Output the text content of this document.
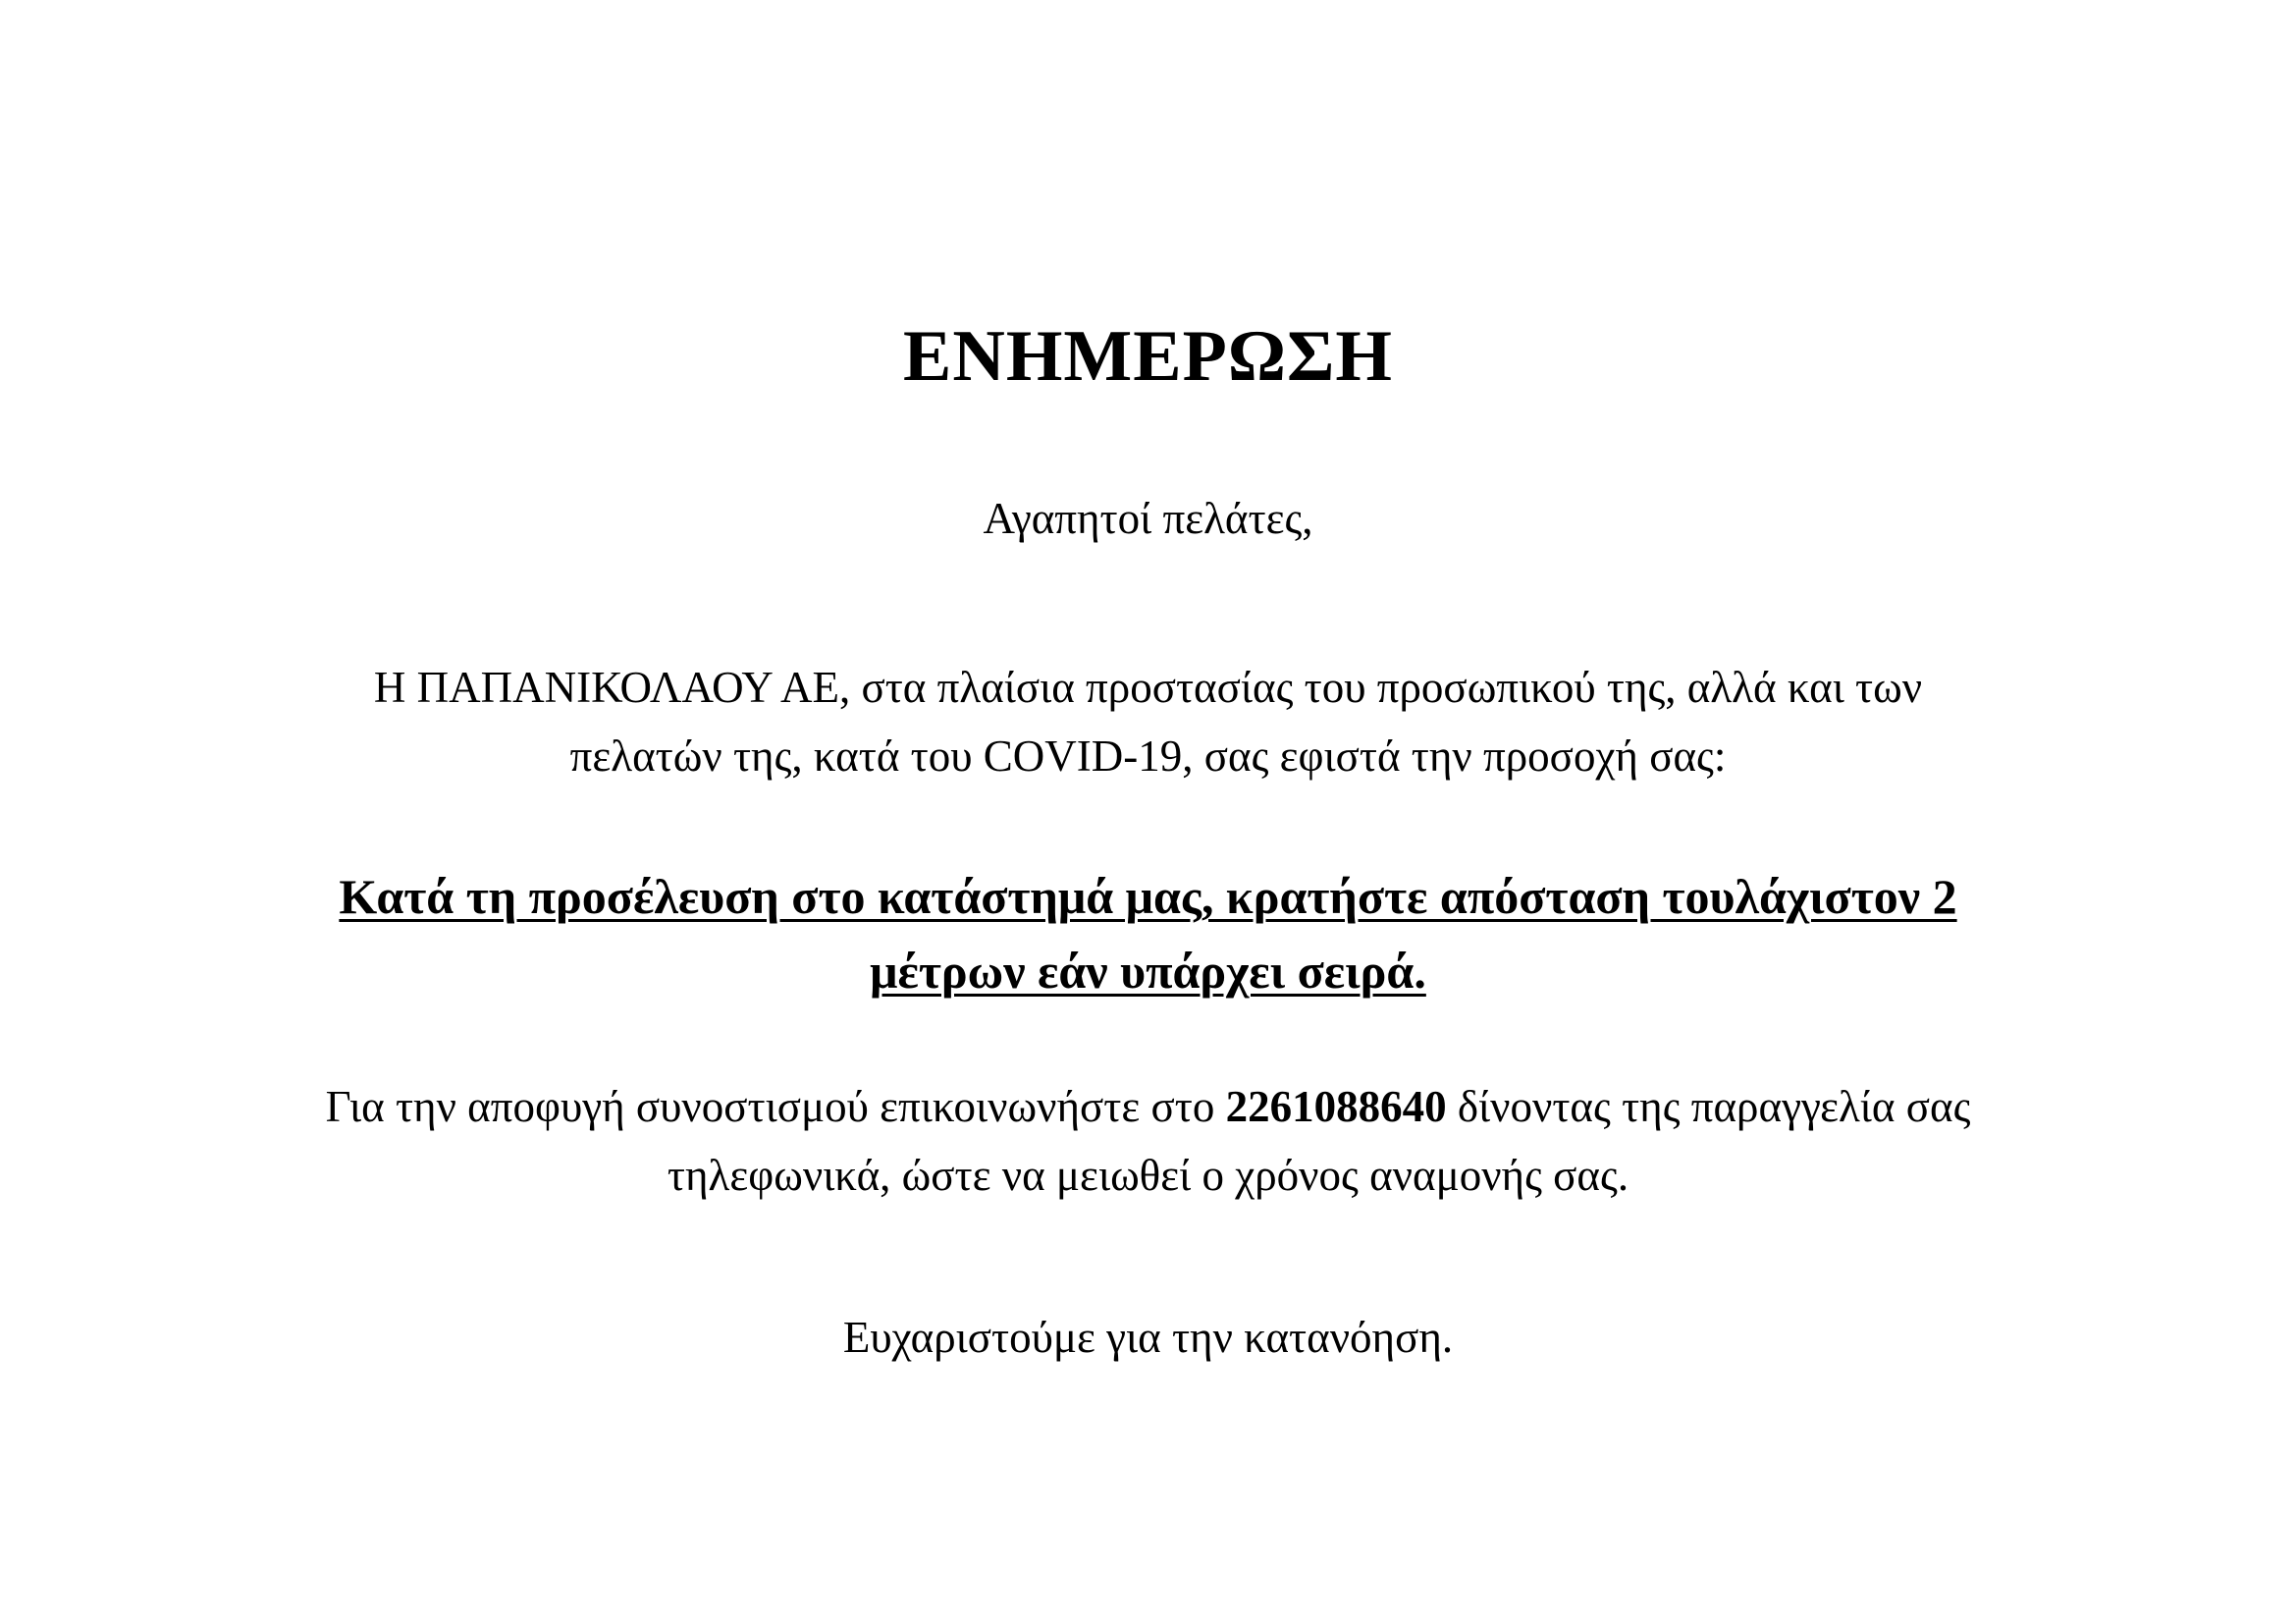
ΕΝΗΜΕΡΩΣΗ
Αγαπητοί πελάτες,
Η ΠΑΠΑΝΙΚΟΛΑΟΥ ΑΕ, στα πλαίσια προστασίας του προσωπικού της, αλλά και των
πελατών της, κατά του COVID-19, σας εφιστά την προσοχή σας:
Κατά τη προσέλευση στο κατάστημά μας, κρατήστε απόσταση τουλάχιστον 2
μέτρων εάν υπάρχει σειρά.
Για την αποφυγή συνοστισμού επικοινωνήστε στο 2261088640 δίνοντας της παραγγελία σας
τηλεφωνικά, ώστε να μειωθεί ο χρόνος αναμονής σας.
Ευχαριστούμε για την κατανόηση.
